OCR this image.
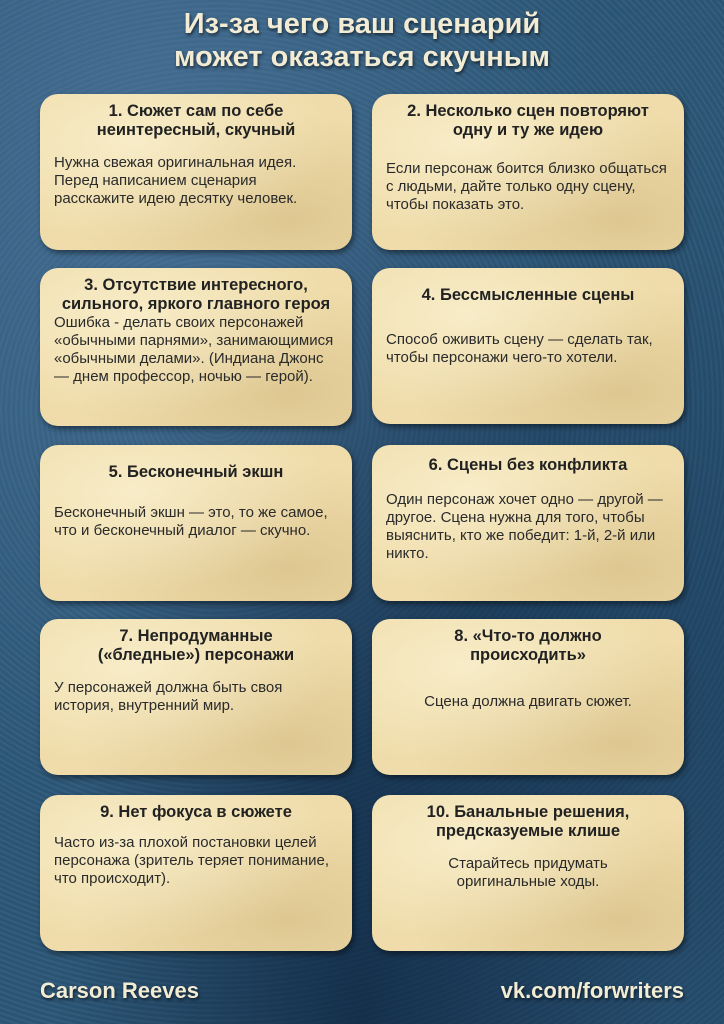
Из-за чего ваш сценарий
может оказаться скучным
1. Сюжет сам по себе неинтересный, скучный
Нужна свежая оригинальная идея. Перед написанием сценария расскажите идею десятку человек.
2. Несколько сцен повторяют одну и ту же идею
Если персонаж боится близко общаться с людьми, дайте только одну сцену, чтобы показать это.
3. Отсутствие интересного, сильного, яркого главного героя
Ошибка - делать своих персонажей «обычными парнями», занимающимися «обычными делами». (Индиана Джонс — днем профессор, ночью — герой).
4. Бессмысленные сцены
Способ оживить сцену — сделать так, чтобы персонажи чего-то хотели.
5. Бесконечный экшн
Бесконечный экшн — это, то же самое, что и бесконечный диалог — скучно.
6. Сцены без конфликта
Один персонаж хочет одно — другой — другое. Сцена нужна для того, чтобы выяснить, кто же победит: 1-й, 2-й или никто.
7. Непродуманные («бледные») персонажи
У персонажей должна быть своя история, внутренний мир.
8. «Что-то должно происходить»
Сцена должна двигать сюжет.
9. Нет фокуса в сюжете
Часто из-за плохой постановки целей персонажа (зритель теряет понимание, что происходит).
10. Банальные решения, предсказуемые клише
Старайтесь придумать оригинальные ходы.
Carson Reeves	vk.com/forwriters
